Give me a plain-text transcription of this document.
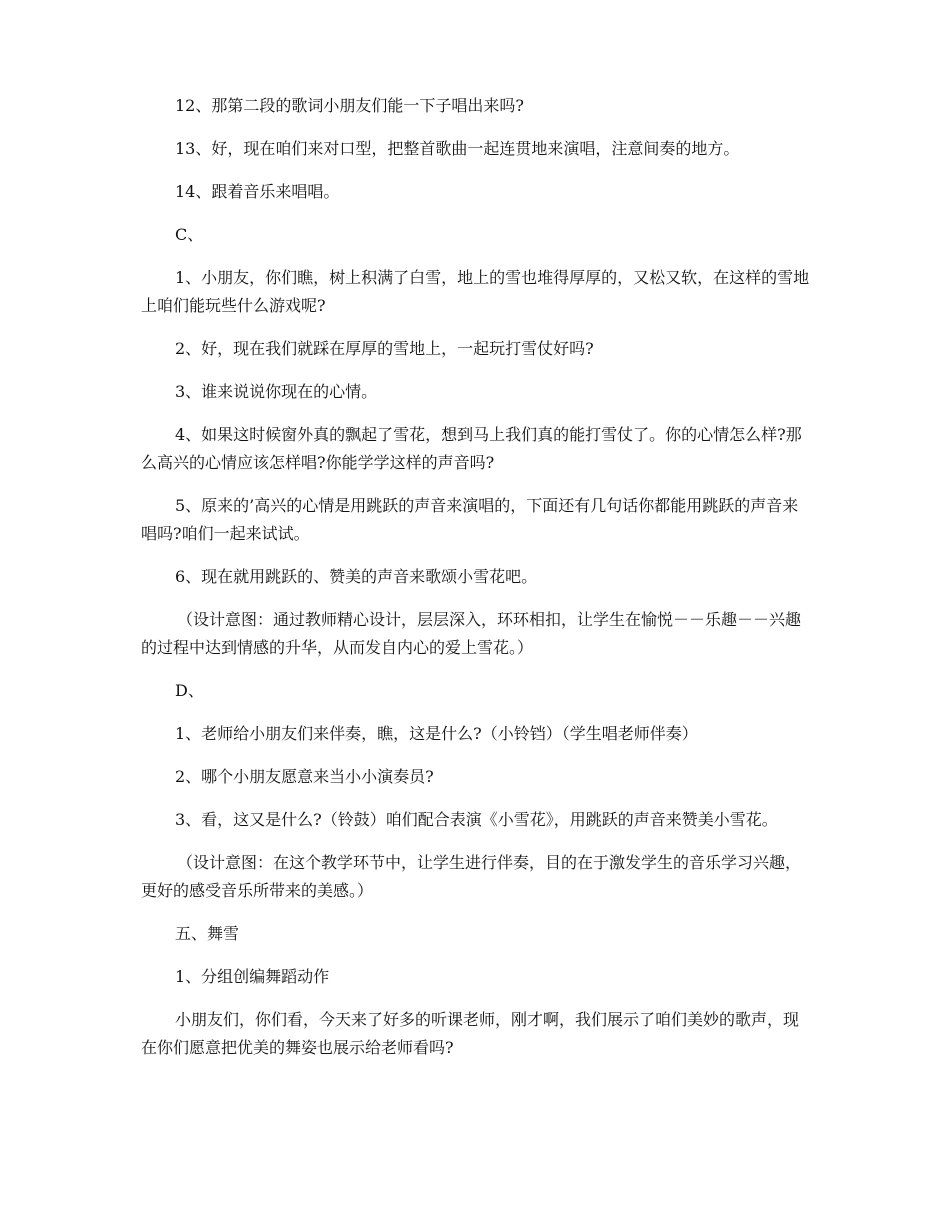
12、那第二段的歌词小朋友们能一下子唱出来吗?

13、好，现在咱们来对口型，把整首歌曲一起连贯地来演唱，注意间奏的地方。

14、跟着音乐来唱唱。

C、

1、小朋友，你们瞧，树上积满了白雪，地上的雪也堆得厚厚的，又松又软，在这样的雪地上咱们能玩些什么游戏呢?

2、好，现在我们就踩在厚厚的雪地上，一起玩打雪仗好吗?

3、谁来说说你现在的心情。

4、如果这时候窗外真的飘起了雪花，想到马上我们真的能打雪仗了。你的心情怎么样?那么高兴的心情应该怎样唱?你能学学这样的声音吗?

5、原来的’高兴的心情是用跳跃的声音来演唱的，下面还有几句话你都能用跳跃的声音来唱吗?咱们一起来试试。

6、现在就用跳跃的、赞美的声音来歌颂小雪花吧。

（设计意图：通过教师精心设计，层层深入，环环相扣，让学生在愉悦－－乐趣－－兴趣的过程中达到情感的升华，从而发自内心的爱上雪花。）

D、

1、老师给小朋友们来伴奏，瞧，这是什么?（小铃铛）（学生唱老师伴奏）

2、哪个小朋友愿意来当小小演奏员?

3、看，这又是什么?（铃鼓）咱们配合表演《小雪花》，用跳跃的声音来赞美小雪花。

（设计意图：在这个教学环节中，让学生进行伴奏，目的在于激发学生的音乐学习兴趣，更好的感受音乐所带来的美感。）

五、舞雪

1、分组创编舞蹈动作

小朋友们，你们看，今天来了好多的听课老师，刚才啊，我们展示了咱们美妙的歌声，现在你们愿意把优美的舞姿也展示给老师看吗?
